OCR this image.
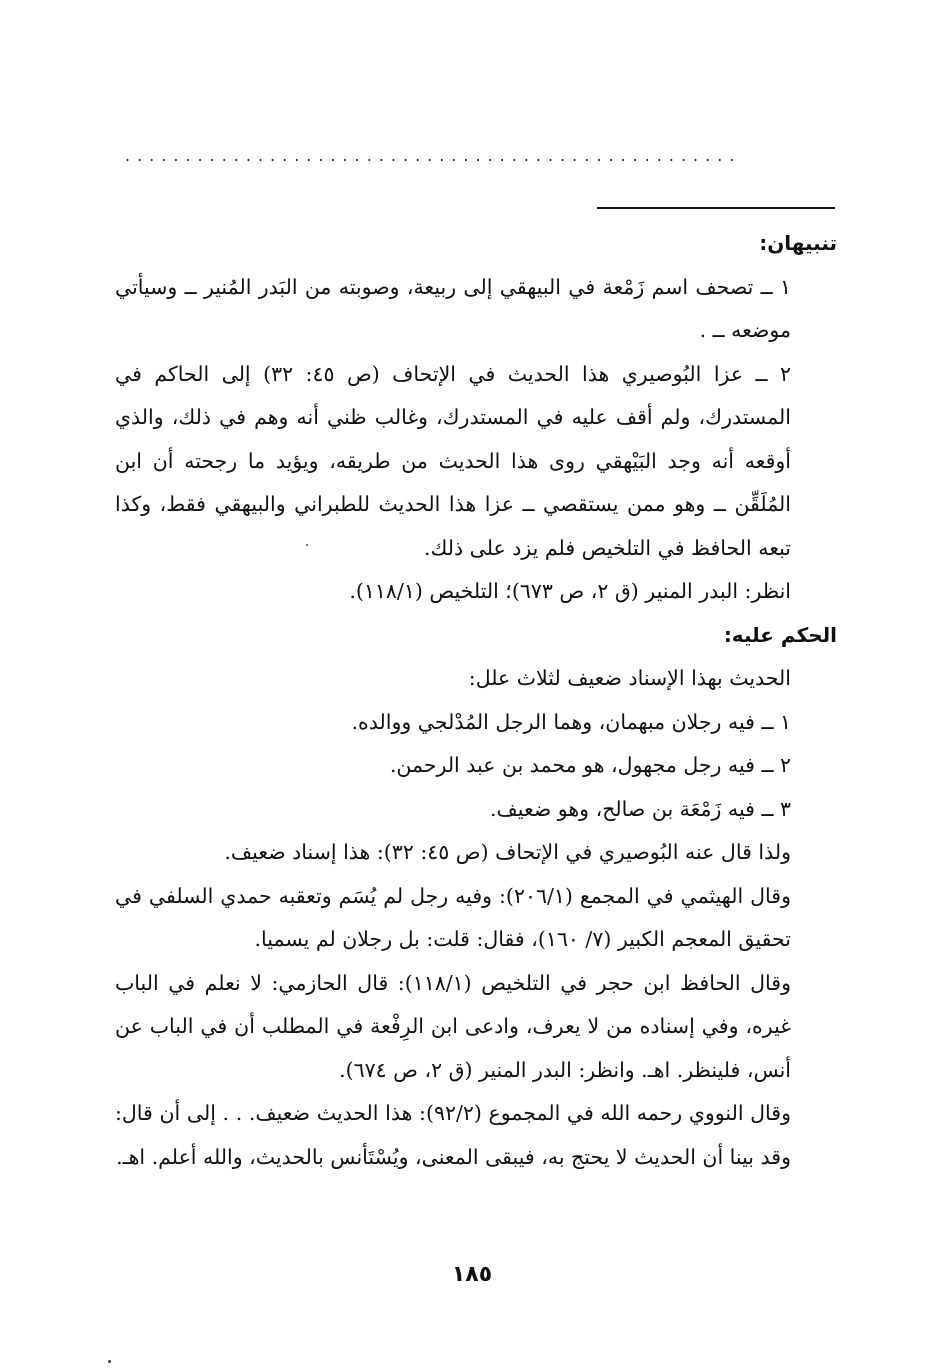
...................................................

تنبيهان:

١ ــ تصحف اسم زَمْعة في البيهقي إلى ربيعة، وصوبته من البَدر المُنير ــ وسيأتي موضعه ــ .

٢ ــ عزا البُوصيري هذا الحديث في الإتحاف (ص ٤٥: ٣٢) إلى الحاكم في المستدرك، ولم أقف عليه في المستدرك، وغالب ظني أنه وهم في ذلك، والذي أوقعه أنه وجد البَيْهقي روى هذا الحديث من طريقه، ويؤيد ما رجحته أن ابن المُلَقِّن ــ وهو ممن يستقصي ــ عزا هذا الحديث للطبراني والبيهقي فقط، وكذا تبعه الحافظ في التلخيص فلم يزد على ذلك.

انظر: البدر المنير (ق ٢، ص ٦٧٣)؛ التلخيص (١١٨/١).

الحكم عليه:

الحديث بهذا الإسناد ضعيف لثلاث علل:

١ ــ فيه رجلان مبهمان، وهما الرجل المُدْلجي ووالده.

٢ ــ فيه رجل مجهول، هو محمد بن عبد الرحمن.

٣ ــ فيه زَمْعَة بن صالح، وهو ضعيف.

ولذا قال عنه البُوصيري في الإتحاف (ص ٤٥: ٣٢): هذا إسناد ضعيف.

وقال الهيثمي في المجمع (٢٠٦/١): وفيه رجل لم يُسَم وتعقبه حمدي السلفي في تحقيق المعجم الكبير (٧/ ١٦٠)، فقال: قلت: بل رجلان لم يسميا.

وقال الحافظ ابن حجر في التلخيص (١١٨/١): قال الحازمي: لا نعلم في الباب غيره، وفي إسناده من لا يعرف، وادعى ابن الرِفْعة في المطلب أن في الباب عن أنس، فلينظر. اهـ. وانظر: البدر المنير (ق ٢، ص ٦٧٤).

وقال النووي رحمه الله في المجموع (٩٢/٢): هذا الحديث ضعيف. . . إلى أن قال: وقد بينا أن الحديث لا يحتج به، فيبقى المعنى، ويُسْتَأنس بالحديث، والله أعلم. اهـ.

١٨٥
